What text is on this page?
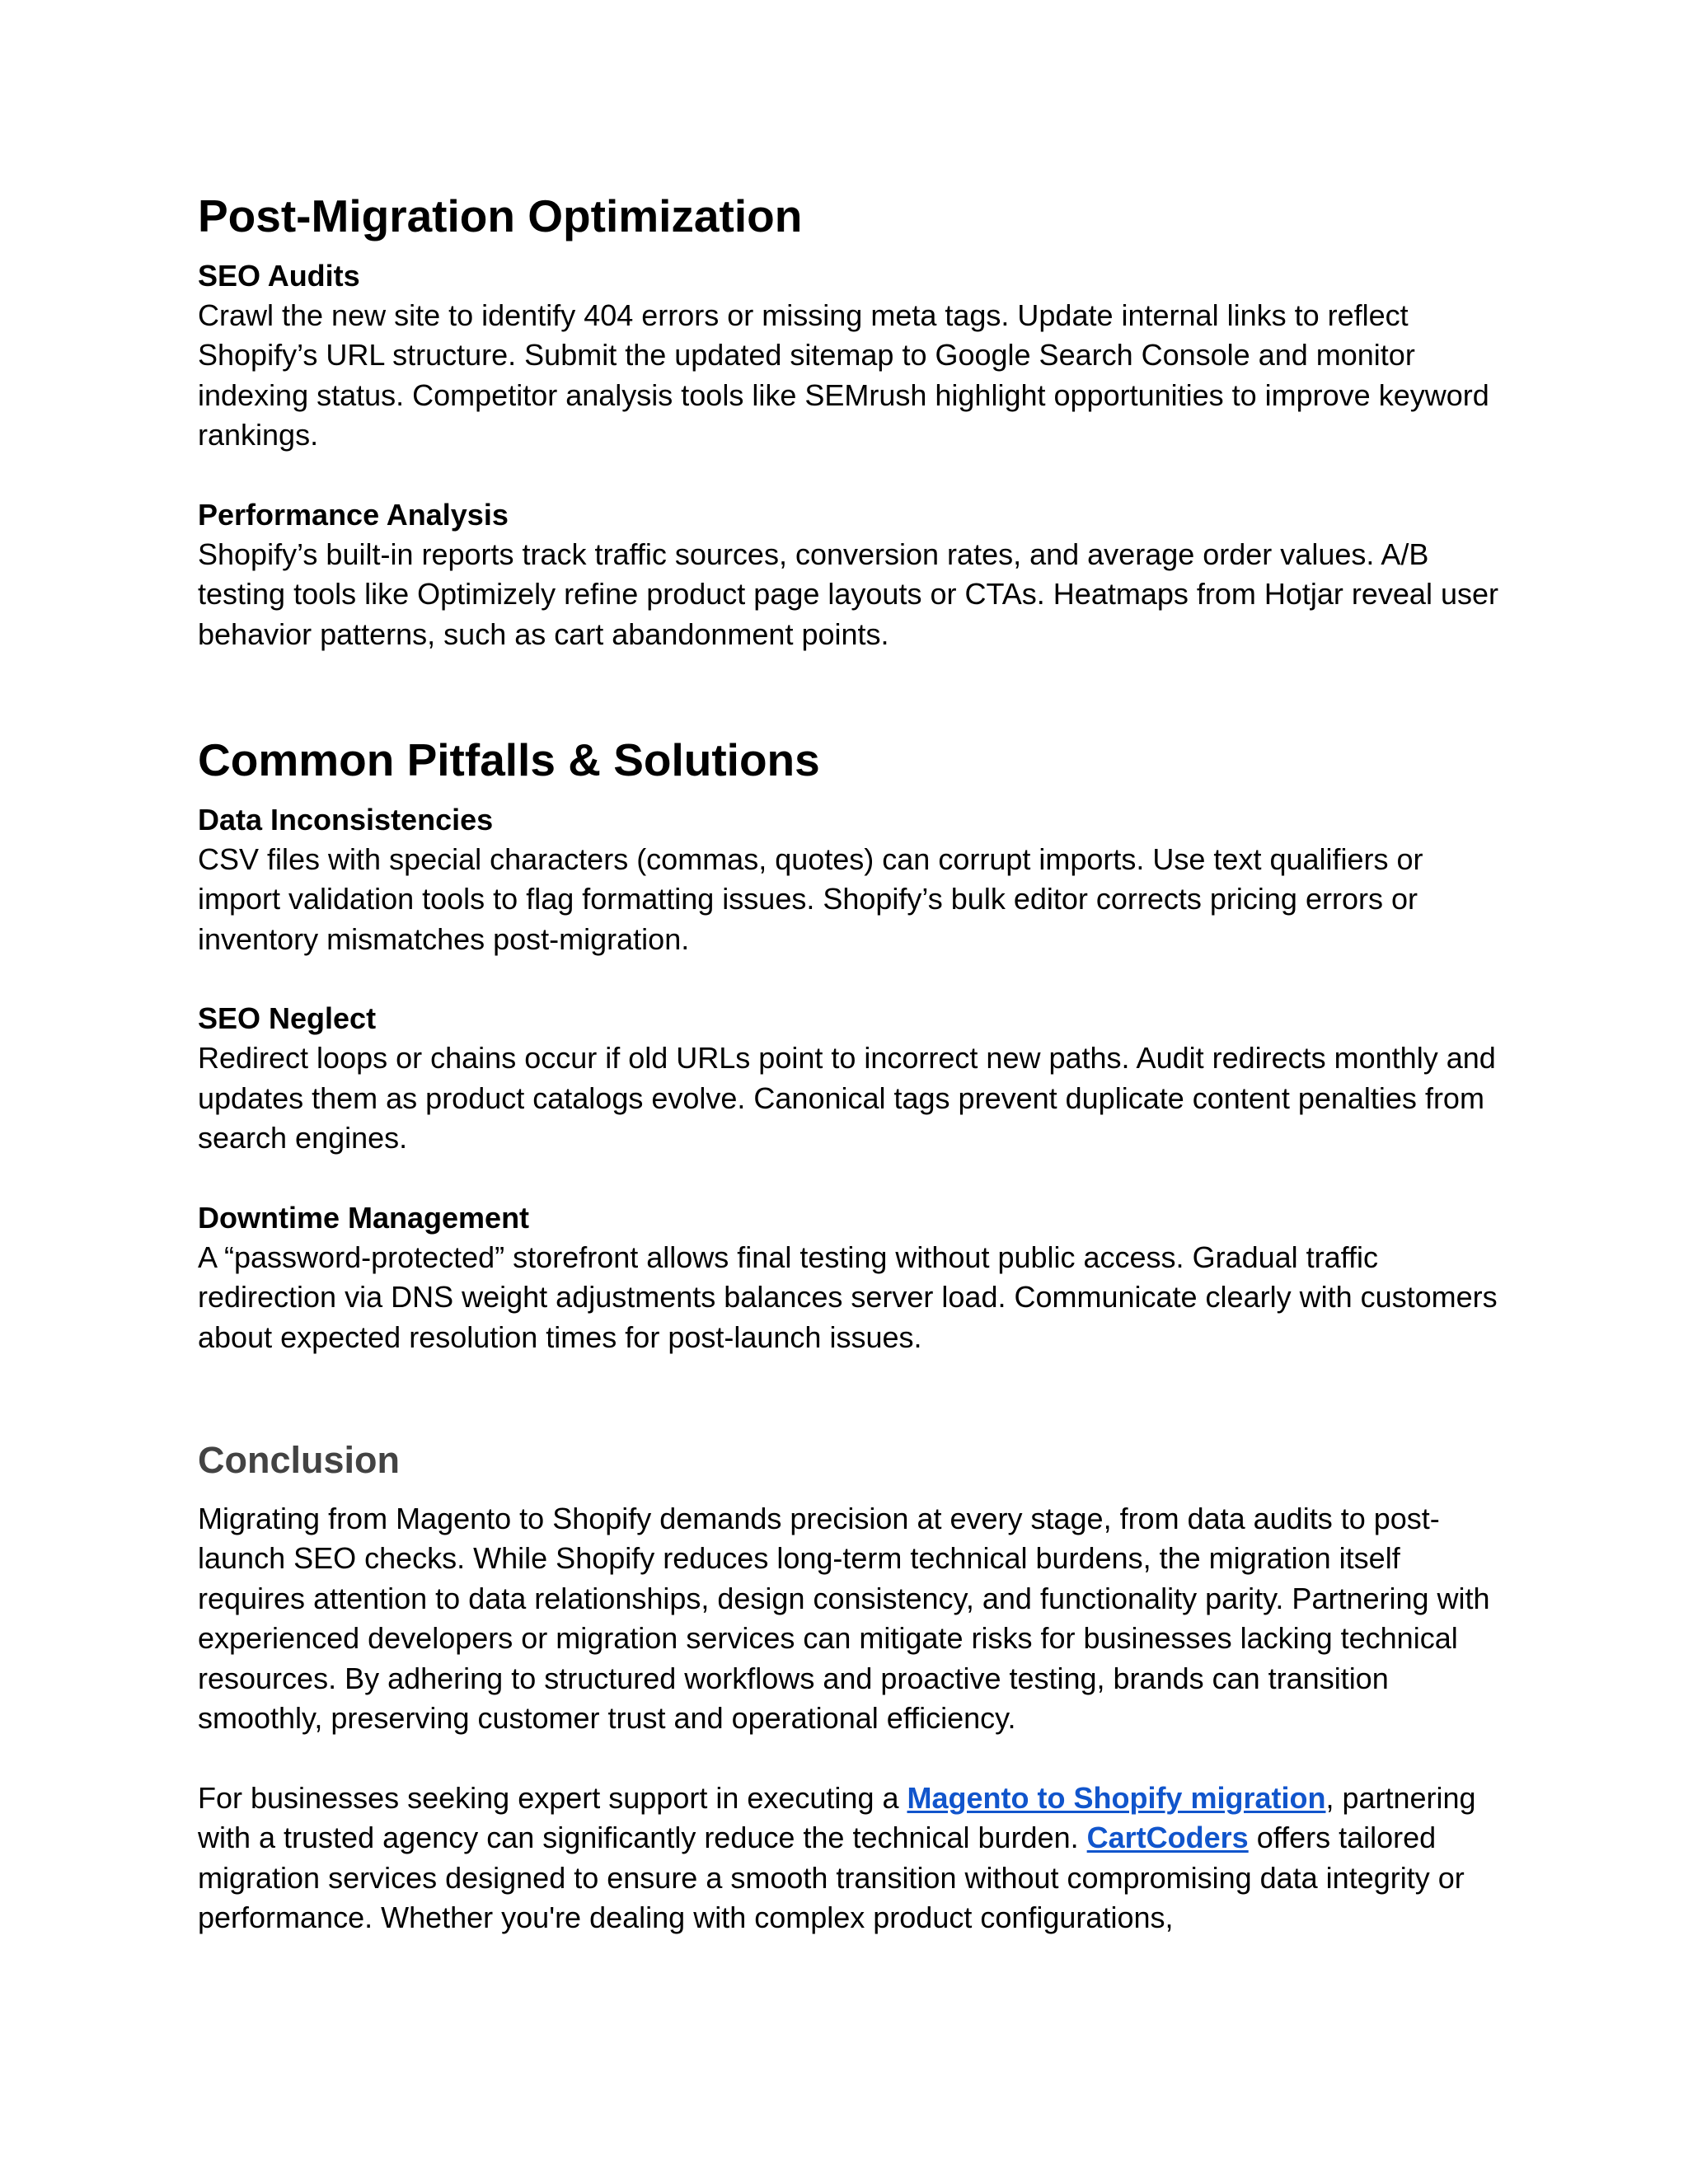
Post-Migration Optimization
SEO Audits

Crawl the new site to identify 404 errors or missing meta tags. Update internal links to reflect Shopify’s URL structure. Submit the updated sitemap to Google Search Console and monitor indexing status. Competitor analysis tools like SEMrush highlight opportunities to improve keyword rankings.

Performance Analysis

Shopify’s built-in reports track traffic sources, conversion rates, and average order values. A/B testing tools like Optimizely refine product page layouts or CTAs. Heatmaps from Hotjar reveal user behavior patterns, such as cart abandonment points.

Common Pitfalls & Solutions
Data Inconsistencies

CSV files with special characters (commas, quotes) can corrupt imports. Use text qualifiers or import validation tools to flag formatting issues. Shopify’s bulk editor corrects pricing errors or inventory mismatches post-migration.

SEO Neglect

Redirect loops or chains occur if old URLs point to incorrect new paths. Audit redirects monthly and updates them as product catalogs evolve. Canonical tags prevent duplicate content penalties from search engines.

Downtime Management

A “password-protected” storefront allows final testing without public access. Gradual traffic redirection via DNS weight adjustments balances server load. Communicate clearly with customers about expected resolution times for post-launch issues.

Conclusion

Migrating from Magento to Shopify demands precision at every stage, from data audits to post-launch SEO checks. While Shopify reduces long-term technical burdens, the migration itself requires attention to data relationships, design consistency, and functionality parity. Partnering with experienced developers or migration services can mitigate risks for businesses lacking technical resources. By adhering to structured workflows and proactive testing, brands can transition smoothly, preserving customer trust and operational efficiency.

For businesses seeking expert support in executing a Magento to Shopify migration, partnering with a trusted agency can significantly reduce the technical burden. CartCoders offers tailored migration services designed to ensure a smooth transition without compromising data integrity or performance. Whether you're dealing with complex product configurations,
